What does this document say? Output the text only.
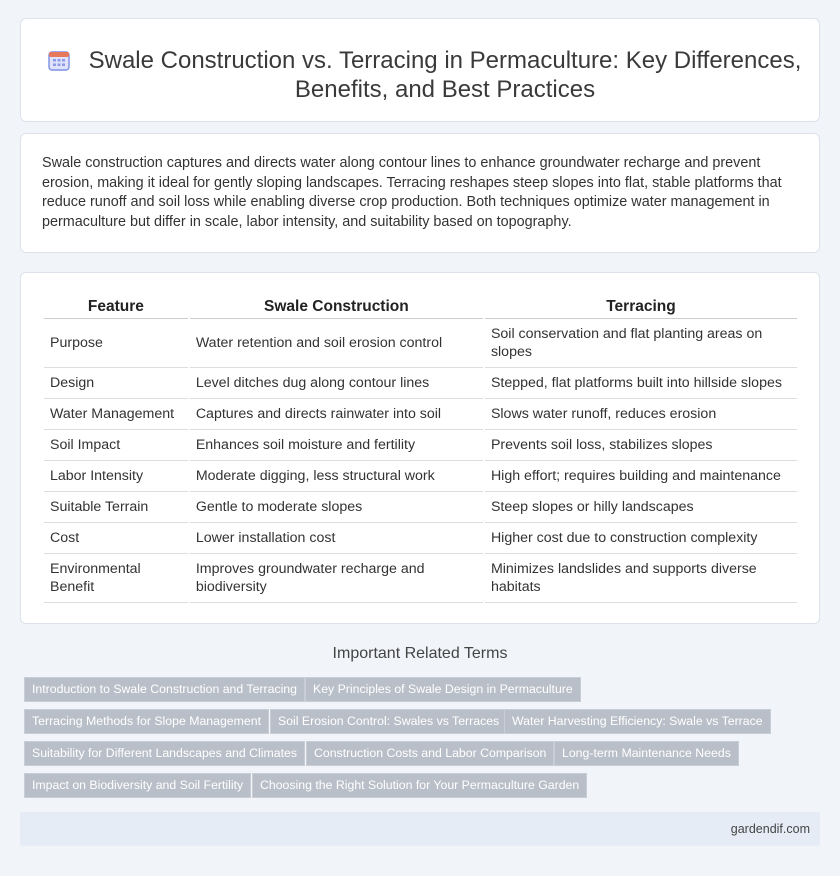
Swale Construction vs. Terracing in Permaculture: Key Differences, Benefits, and Best Practices

Swale construction captures and directs water along contour lines to enhance groundwater recharge and prevent erosion, making it ideal for gently sloping landscapes. Terracing reshapes steep slopes into flat, stable platforms that reduce runoff and soil loss while enabling diverse crop production. Both techniques optimize water management in permaculture but differ in scale, labor intensity, and suitability based on topography.

Feature	Swale Construction	Terracing
Purpose	Water retention and soil erosion control	Soil conservation and flat planting areas on slopes
Design	Level ditches dug along contour lines	Stepped, flat platforms built into hillside slopes
Water Management	Captures and directs rainwater into soil	Slows water runoff, reduces erosion
Soil Impact	Enhances soil moisture and fertility	Prevents soil loss, stabilizes slopes
Labor Intensity	Moderate digging, less structural work	High effort; requires building and maintenance
Suitable Terrain	Gentle to moderate slopes	Steep slopes or hilly landscapes
Cost	Lower installation cost	Higher cost due to construction complexity
Environmental Benefit	Improves groundwater recharge and biodiversity	Minimizes landslides and supports diverse habitats
Important Related Terms
Introduction to Swale Construction and Terracing	Key Principles of Swale Design in Permaculture
Terracing Methods for Slope Management	Soil Erosion Control: Swales vs Terraces	Water Harvesting Efficiency: Swale vs Terrace
Suitability for Different Landscapes and Climates	Construction Costs and Labor Comparison	Long-term Maintenance Needs
Impact on Biodiversity and Soil Fertility	Choosing the Right Solution for Your Permaculture Garden
gardendif.com
